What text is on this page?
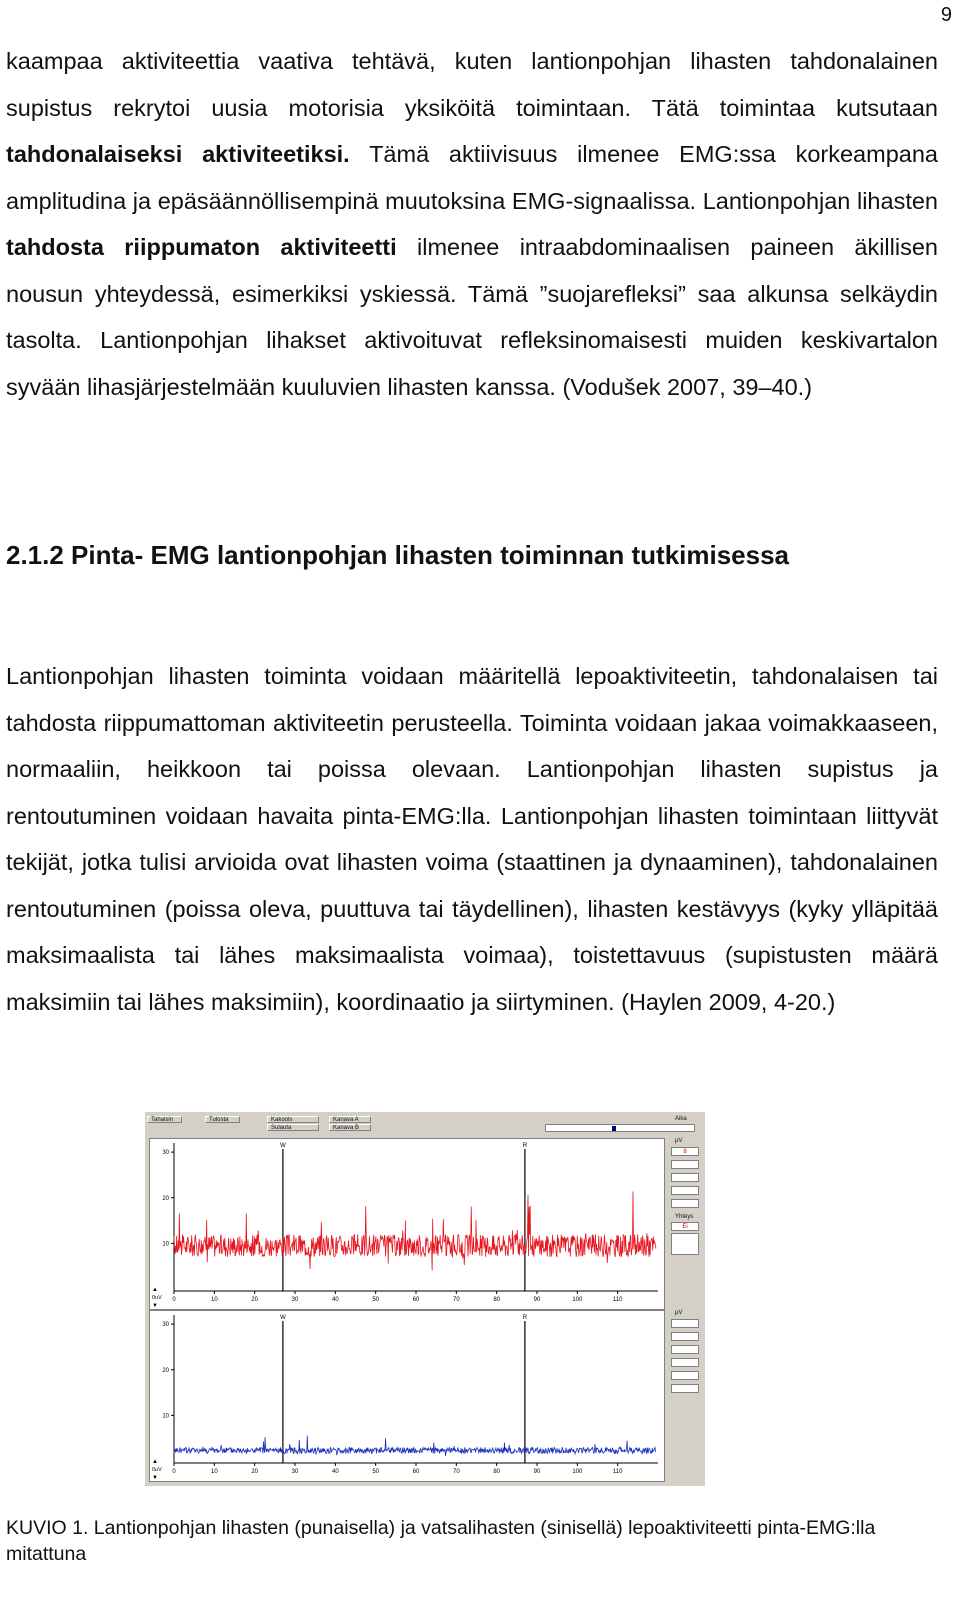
9

kaampaa aktiviteettia vaativa tehtävä, kuten lantionpohjan lihasten tahdonalainen supistus rekrytoi uusia motorisia yksiköitä toimintaan. Tätä toimintaa kutsutaan tahdonalaiseksi aktiviteetiksi. Tämä aktiivisuus ilmenee EMG:ssa korkeampana amplitudina ja epäsäännöllisempinä muutoksina EMG-signaalissa. Lantionpohjan lihasten tahdosta riippumaton aktiviteetti ilmenee intraabdominaalisen paineen äkillisen nousun yhteydessä, esimerkiksi yskiessä. Tämä ”suojarefleksi” saa alkunsa selkäydin tasolta. Lantionpohjan lihakset aktivoituvat refleksinomaisesti muiden keskivartalon syvään lihasjärjestelmään kuuluvien lihasten kanssa. (Vodušek 2007, 39–40.)

2.1.2 Pinta- EMG lantionpohjan lihasten toiminnan tutkimisessa

Lantionpohjan lihasten toiminta voidaan määritellä lepoaktiviteetin, tahdonalaisen tai tahdosta riippumattoman aktiviteetin perusteella. Toiminta voidaan jakaa voimakkaaseen, normaaliin, heikkoon tai poissa olevaan. Lantionpohjan lihasten supistus ja rentoutuminen voidaan havaita pinta-EMG:lla. Lantionpohjan lihasten toimintaan liittyvät tekijät, jotka tulisi arvioida ovat lihasten voima (staattinen ja dynaaminen), tahdonalainen rentoutuminen (poissa oleva, puuttuva tai täydellinen), lihasten kestävyys (kyky ylläpitää maksimaalista tai lähes maksimaalista voimaa), toistettavuus (supistusten määrä maksimiin tai lähes maksimiin), koordinaatio ja siirtyminen. (Haylen 2009, 4-20.)

Tahaisin	Tulosta	Kakoois
Sulauta
Kanava A
Kanava B
Aika
30
20
10
0uV
▲
▼
0	10	20	30	40	50	60	70	80	90	100	110
W	R
µV
8
Yhteys
Ei
30
20
10
0uV
▲
▼
0	10	20	30	40	50	60	70	80	90	100	110
W	R
µV
KUVIO 1. Lantionpohjan lihasten (punaisella) ja vatsalihasten (sinisellä) lepoaktiviteetti pinta-EMG:lla mitattuna
